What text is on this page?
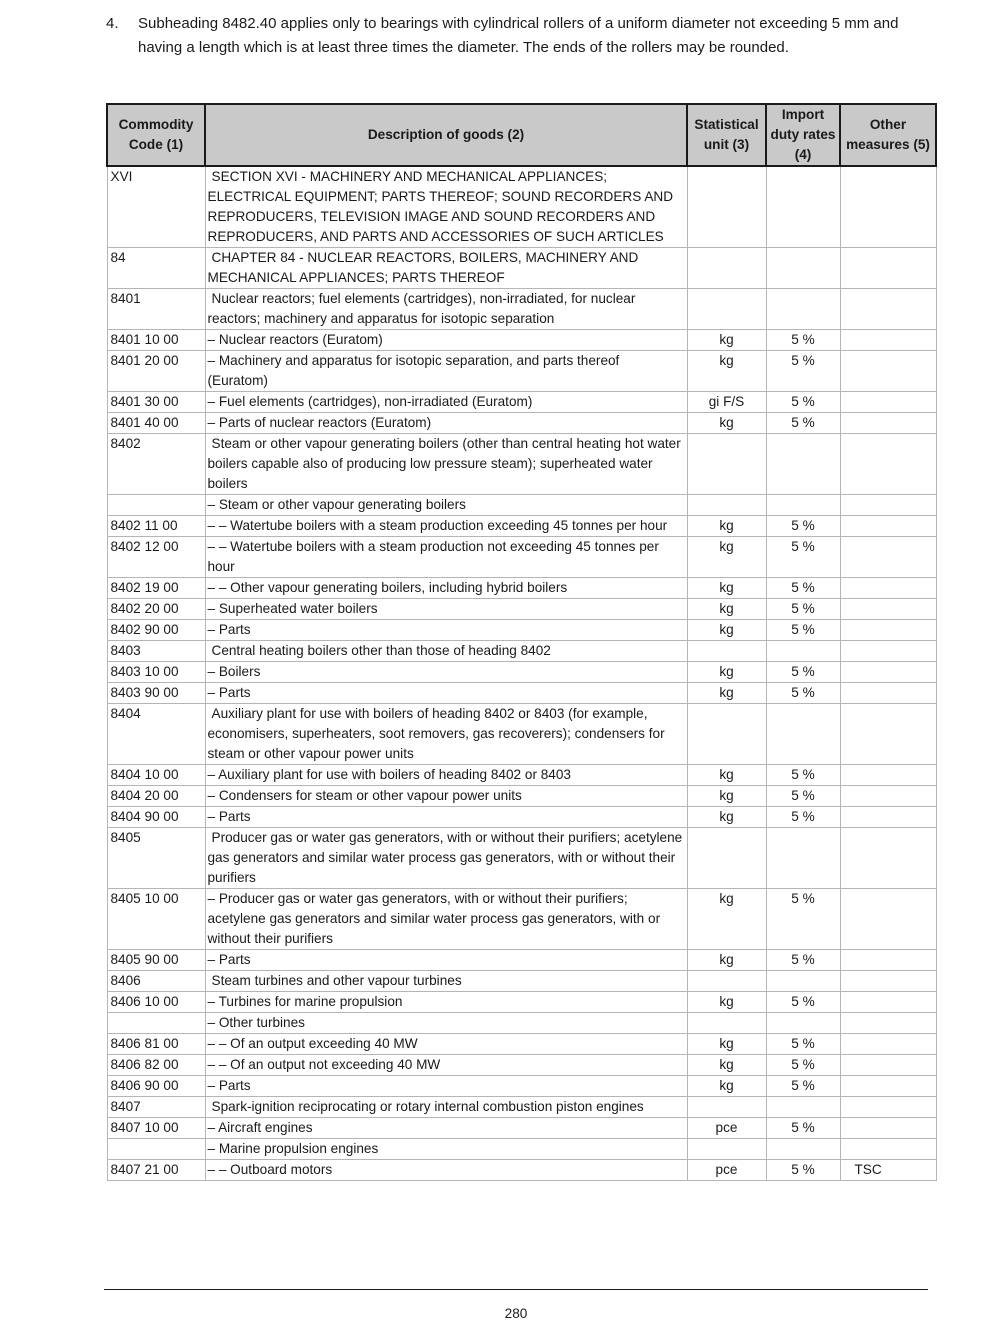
4. Subheading 8482.40 applies only to bearings with cylindrical rollers of a uniform diameter not exceeding 5 mm and having a length which is at least three times the diameter. The ends of the rollers may be rounded.
Commodity Code (1)	Description of goods (2)	Statistical unit (3)	Import duty rates (4)	Other measures (5)
XVI	SECTION XVI - MACHINERY AND MECHANICAL APPLIANCES; ELECTRICAL EQUIPMENT; PARTS THEREOF; SOUND RECORDERS AND REPRODUCERS, TELEVISION IMAGE AND SOUND RECORDERS AND REPRODUCERS, AND PARTS AND ACCESSORIES OF SUCH ARTICLES			
84	CHAPTER 84 - NUCLEAR REACTORS, BOILERS, MACHINERY AND MECHANICAL APPLIANCES; PARTS THEREOF			
8401	Nuclear reactors; fuel elements (cartridges), non-irradiated, for nuclear reactors; machinery and apparatus for isotopic separation			
8401 10 00	– Nuclear reactors (Euratom)	kg	5 %	
8401 20 00	– Machinery and apparatus for isotopic separation, and parts thereof (Euratom)	kg	5 %	
8401 30 00	– Fuel elements (cartridges), non-irradiated (Euratom)	gi F/S	5 %	
8401 40 00	– Parts of nuclear reactors (Euratom)	kg	5 %	
8402	Steam or other vapour generating boilers (other than central heating hot water boilers capable also of producing low pressure steam); superheated water boilers			
	– Steam or other vapour generating boilers			
8402 11 00	– – Watertube boilers with a steam production exceeding 45 tonnes per hour	kg	5 %	
8402 12 00	– – Watertube boilers with a steam production not exceeding 45 tonnes per hour	kg	5 %	
8402 19 00	– – Other vapour generating boilers, including hybrid boilers	kg	5 %	
8402 20 00	– Superheated water boilers	kg	5 %	
8402 90 00	– Parts	kg	5 %	
8403	Central heating boilers other than those of heading 8402			
8403 10 00	– Boilers	kg	5 %	
8403 90 00	– Parts	kg	5 %	
8404	Auxiliary plant for use with boilers of heading 8402 or 8403 (for example, economisers, superheaters, soot removers, gas recoverers); condensers for steam or other vapour power units			
8404 10 00	– Auxiliary plant for use with boilers of heading 8402 or 8403	kg	5 %	
8404 20 00	– Condensers for steam or other vapour power units	kg	5 %	
8404 90 00	– Parts	kg	5 %	
8405	Producer gas or water gas generators, with or without their purifiers; acetylene gas generators and similar water process gas generators, with or without their purifiers			
8405 10 00	– Producer gas or water gas generators, with or without their purifiers; acetylene gas generators and similar water process gas generators, with or without their purifiers	kg	5 %	
8405 90 00	– Parts	kg	5 %	
8406	Steam turbines and other vapour turbines			
8406 10 00	– Turbines for marine propulsion	kg	5 %	
	– Other turbines			
8406 81 00	– – Of an output exceeding 40 MW	kg	5 %	
8406 82 00	– – Of an output not exceeding 40 MW	kg	5 %	
8406 90 00	– Parts	kg	5 %	
8407	Spark-ignition reciprocating or rotary internal combustion piston engines			
8407 10 00	– Aircraft engines	pce	5 %	
	– Marine propulsion engines			
8407 21 00	– – Outboard motors	pce	5 %	TSC
280
